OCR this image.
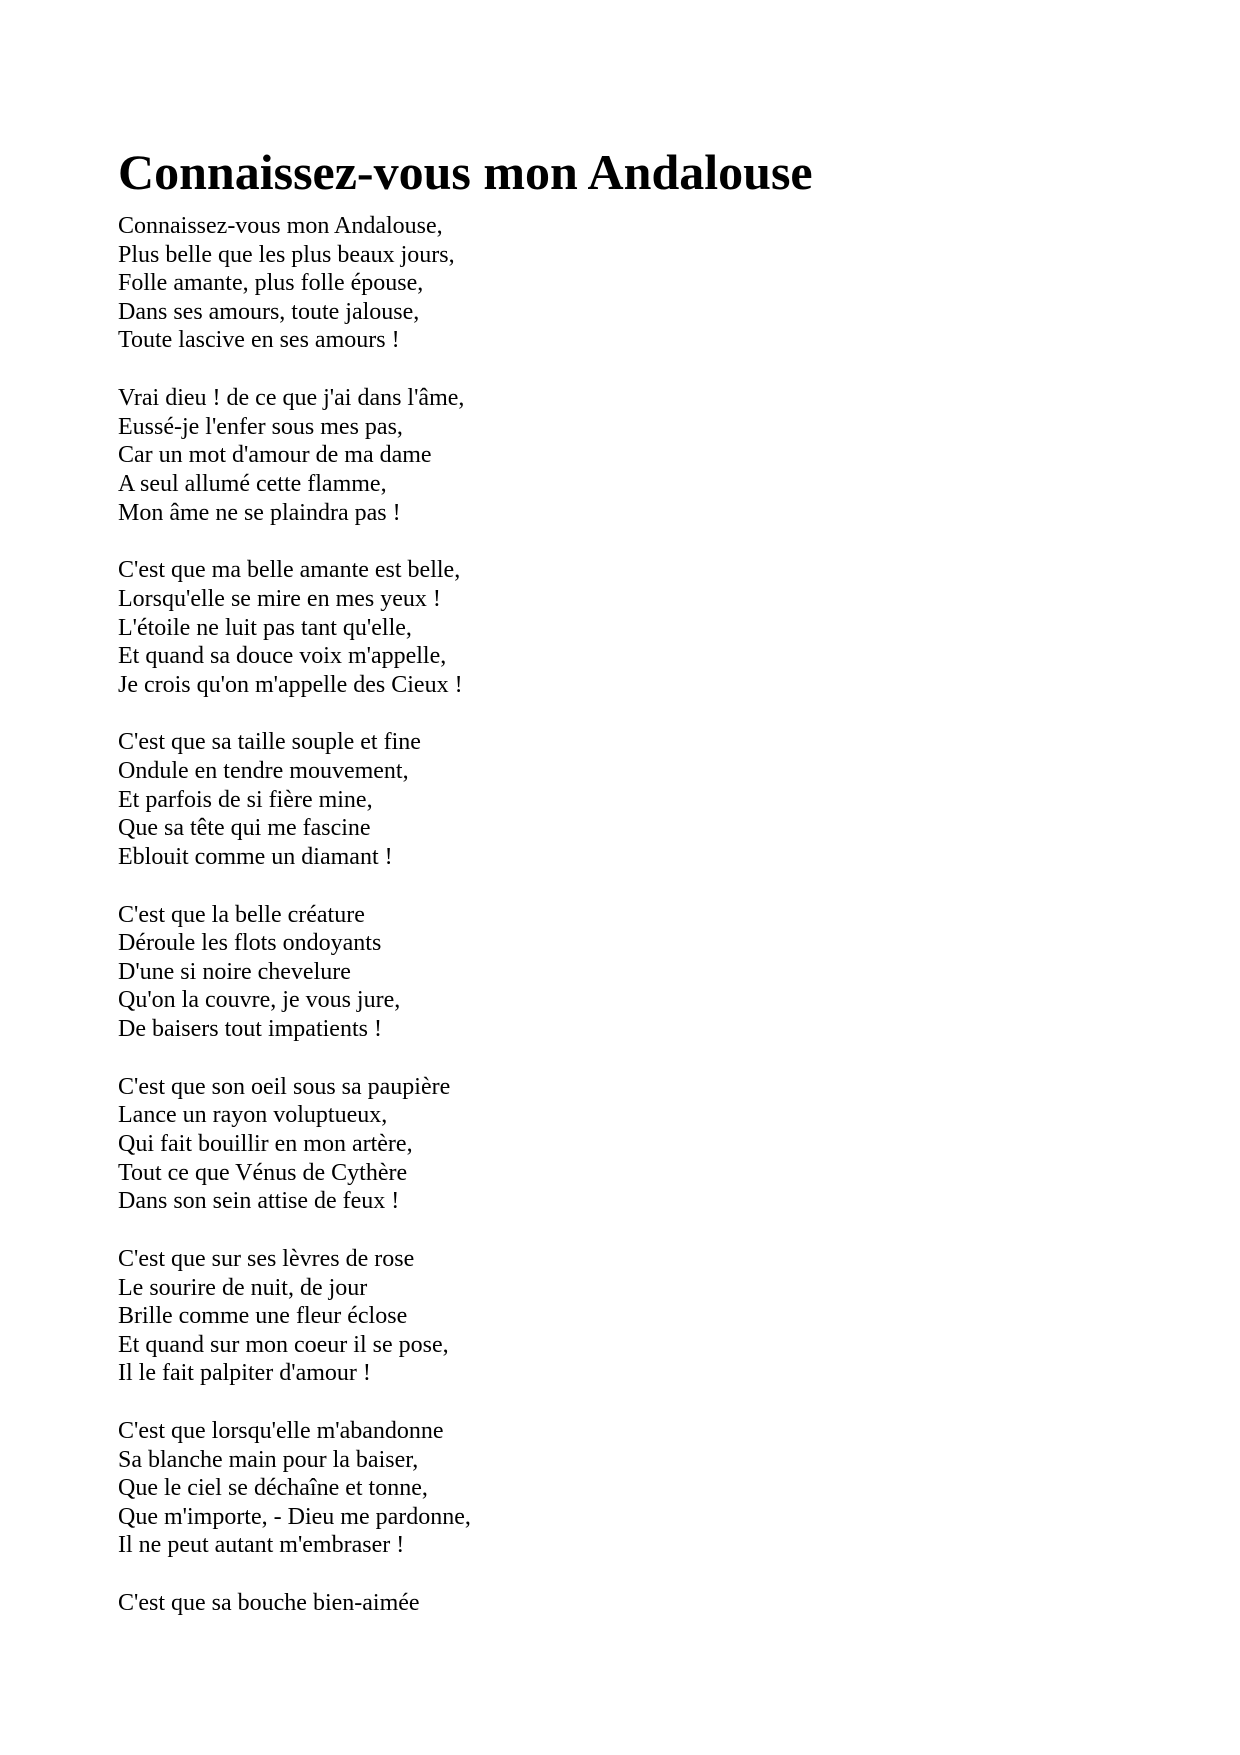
Connaissez-vous mon Andalouse
Connaissez-vous mon Andalouse,
Plus belle que les plus beaux jours,
Folle amante, plus folle épouse,
Dans ses amours, toute jalouse,
Toute lascive en ses amours !
Vrai dieu ! de ce que j'ai dans l'âme,
Eussé-je l'enfer sous mes pas,
Car un mot d'amour de ma dame
A seul allumé cette flamme,
Mon âme ne se plaindra pas !
C'est que ma belle amante est belle,
Lorsqu'elle se mire en mes yeux !
L'étoile ne luit pas tant qu'elle,
Et quand sa douce voix m'appelle,
Je crois qu'on m'appelle des Cieux !
C'est que sa taille souple et fine
Ondule en tendre mouvement,
Et parfois de si fière mine,
Que sa tête qui me fascine
Eblouit comme un diamant !
C'est que la belle créature
Déroule les flots ondoyants
D'une si noire chevelure
Qu'on la couvre, je vous jure,
De baisers tout impatients !
C'est que son oeil sous sa paupière
Lance un rayon voluptueux,
Qui fait bouillir en mon artère,
Tout ce que Vénus de Cythère
Dans son sein attise de feux !
C'est que sur ses lèvres de rose
Le sourire de nuit, de jour
Brille comme une fleur éclose
Et quand sur mon coeur il se pose,
Il le fait palpiter d'amour !
C'est que lorsqu'elle m'abandonne
Sa blanche main pour la baiser,
Que le ciel se déchaîne et tonne,
Que m'importe, - Dieu me pardonne,
Il ne peut autant m'embraser !
C'est que sa bouche bien-aimée
